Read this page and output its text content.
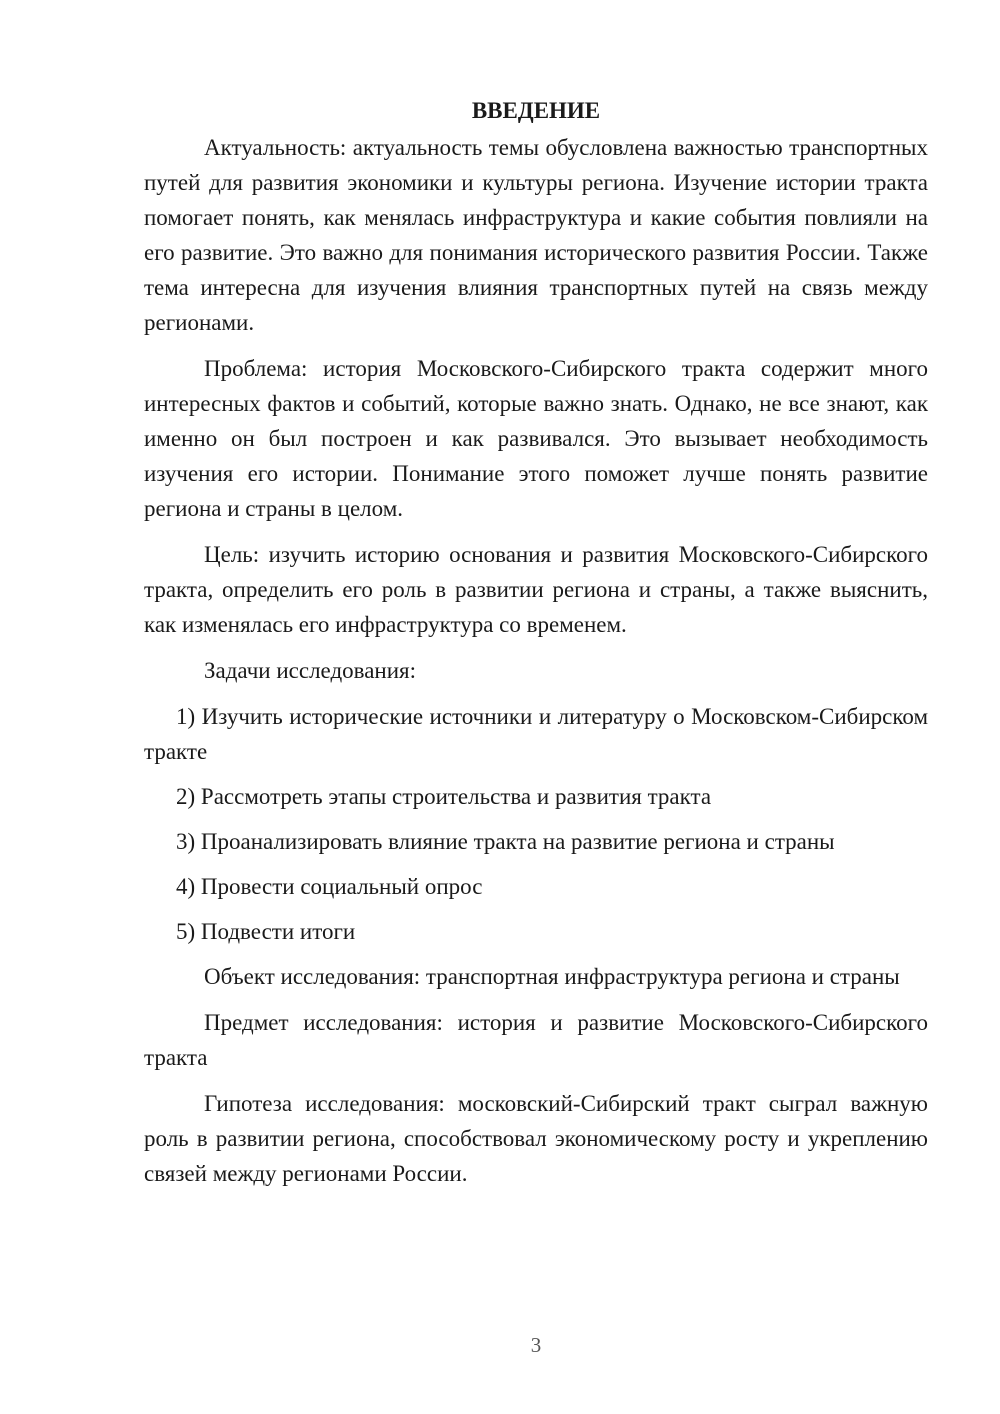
ВВЕДЕНИЕ

Актуальность: актуальность темы обусловлена важностью транспортных путей для развития экономики и культуры региона. Изучение истории тракта помогает понять, как менялась инфраструктура и какие события повлияли на его развитие. Это важно для понимания исторического развития России. Также тема интересна для изучения влияния транспортных путей на связь между регионами.

Проблема: история Московского-Сибирского тракта содержит много интересных фактов и событий, которые важно знать. Однако, не все знают, как именно он был построен и как развивался. Это вызывает необходимость изучения его истории. Понимание этого поможет лучше понять развитие региона и страны в целом.

Цель: изучить историю основания и развития Московского-Сибирского тракта, определить его роль в развитии региона и страны, а также выяснить, как изменялась его инфраструктура со временем.

Задачи исследования:

1) Изучить исторические источники и литературу о Московском-Сибирском тракте

2) Рассмотреть этапы строительства и развития тракта

3) Проанализировать влияние тракта на развитие региона и страны

4) Провести социальный опрос

5) Подвести итоги

Объект исследования: транспортная инфраструктура региона и страны

Предмет исследования: история и развитие Московского-Сибирского тракта

Гипотеза исследования: московский-Сибирский тракт сыграл важную роль в развитии региона, способствовал экономическому росту и укреплению связей между регионами России.

3
